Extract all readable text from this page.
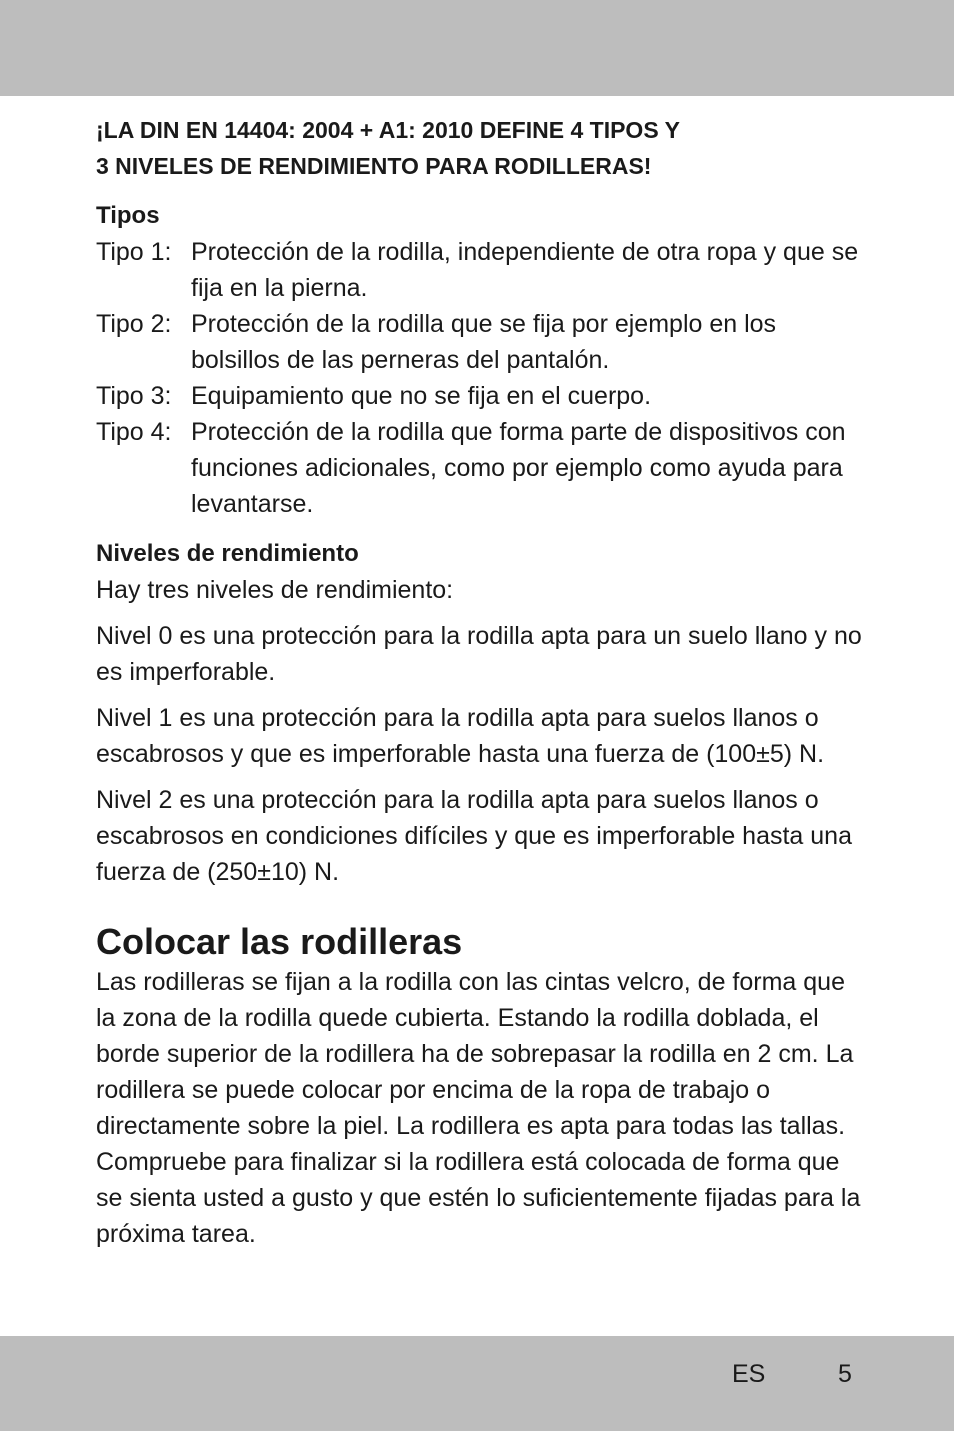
¡LA DIN EN 14404: 2004 + A1: 2010 DEFINE 4 TIPOS Y
3 NIVELES DE RENDIMIENTO PARA RODILLERAS!

Tipos
Tipo 1: Protección de la rodilla, independiente de otra ropa y que se fija en la pierna.
Tipo 2: Protección de la rodilla que se fija por ejemplo en los bolsillos de las perneras del pantalón.
Tipo 3: Equipamiento que no se fija en el cuerpo.
Tipo 4: Protección de la rodilla que forma parte de dispositivos con funciones adicionales, como por ejemplo como ayuda para levantarse.
Niveles de rendimiento

Hay tres niveles de rendimiento:

Nivel 0 es una protección para la rodilla apta para un suelo llano y no es imperforable.

Nivel 1 es una protección para la rodilla apta para suelos llanos o escabrosos y que es imperforable hasta una fuerza de (100±5) N.

Nivel 2 es una protección para la rodilla apta para suelos llanos o escabrosos en condiciones difíciles y que es imperforable hasta una fuerza de (250±10) N.

Colocar las rodilleras

Las rodilleras se fijan a la rodilla con las cintas velcro, de forma que la zona de la rodilla quede cubierta. Estando la rodilla doblada, el borde superior de la rodillera ha de sobrepasar la rodilla en 2 cm. La rodillera se puede colocar por encima de la ropa de trabajo o directamente sobre la piel. La rodillera es apta para todas las tallas. Compruebe para finalizar si la rodillera está colocada de forma que se sienta usted a gusto y que estén lo suficientemente fijadas para la próxima tarea.

ES	5
